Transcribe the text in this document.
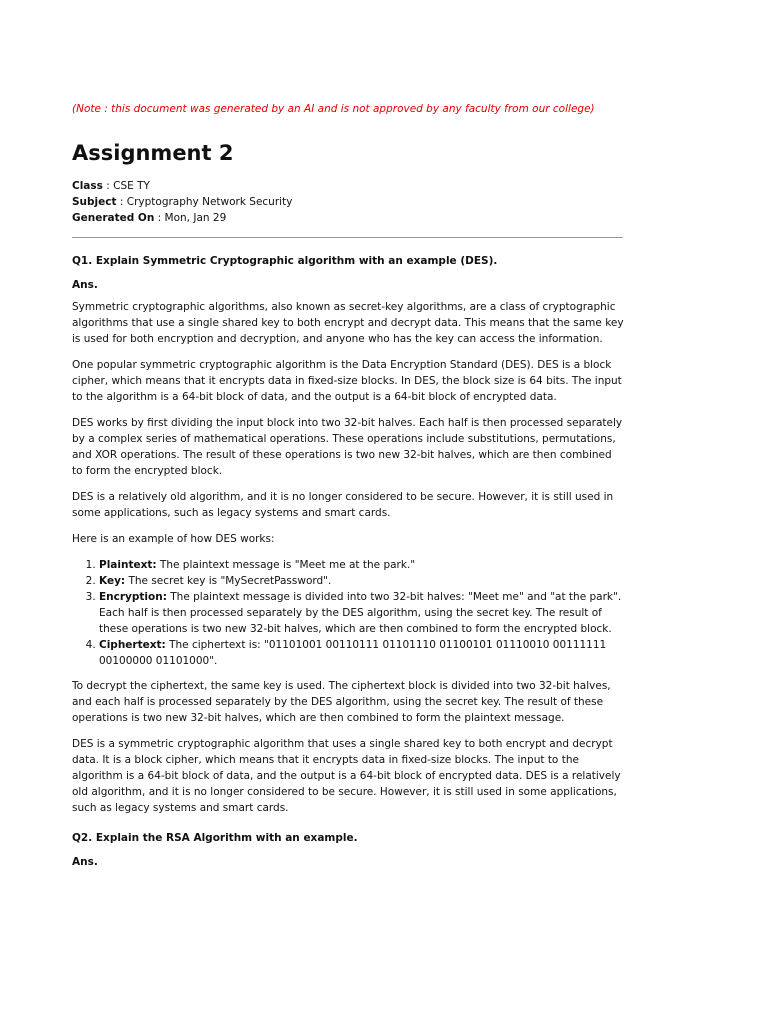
(Note : this document was generated by an AI and is not approved by any faculty from our college)
Assignment 2
Class : CSE TY
Subject : Cryptography Network Security
Generated On : Mon, Jan 29

Q1. Explain Symmetric Cryptographic algorithm with an example (DES).

Ans.

Symmetric cryptographic algorithms, also known as secret-key algorithms, are a class of cryptographic algorithms that use a single shared key to both encrypt and decrypt data. This means that the same key is used for both encryption and decryption, and anyone who has the key can access the information.

One popular symmetric cryptographic algorithm is the Data Encryption Standard (DES). DES is a block cipher, which means that it encrypts data in fixed-size blocks. In DES, the block size is 64 bits. The input to the algorithm is a 64-bit block of data, and the output is a 64-bit block of encrypted data.

DES works by first dividing the input block into two 32-bit halves. Each half is then processed separately by a complex series of mathematical operations. These operations include substitutions, permutations, and XOR operations. The result of these operations is two new 32-bit halves, which are then combined to form the encrypted block.

DES is a relatively old algorithm, and it is no longer considered to be secure. However, it is still used in some applications, such as legacy systems and smart cards.

Here is an example of how DES works:

1. Plaintext: The plaintext message is "Meet me at the park."
2. Key: The secret key is "MySecretPassword".
3. Encryption: The plaintext message is divided into two 32-bit halves: "Meet me" and "at the park". Each half is then processed separately by the DES algorithm, using the secret key. The result of these operations is two new 32-bit halves, which are then combined to form the encrypted block.
4. Ciphertext: The ciphertext is: "01101001 00110111 01101110 01100101 01110010 00111111 00100000 01101000".

To decrypt the ciphertext, the same key is used. The ciphertext block is divided into two 32-bit halves, and each half is processed separately by the DES algorithm, using the secret key. The result of these operations is two new 32-bit halves, which are then combined to form the plaintext message.

DES is a symmetric cryptographic algorithm that uses a single shared key to both encrypt and decrypt data. It is a block cipher, which means that it encrypts data in fixed-size blocks. The input to the algorithm is a 64-bit block of data, and the output is a 64-bit block of encrypted data. DES is a relatively old algorithm, and it is no longer considered to be secure. However, it is still used in some applications, such as legacy systems and smart cards.

Q2. Explain the RSA Algorithm with an example.

Ans.
